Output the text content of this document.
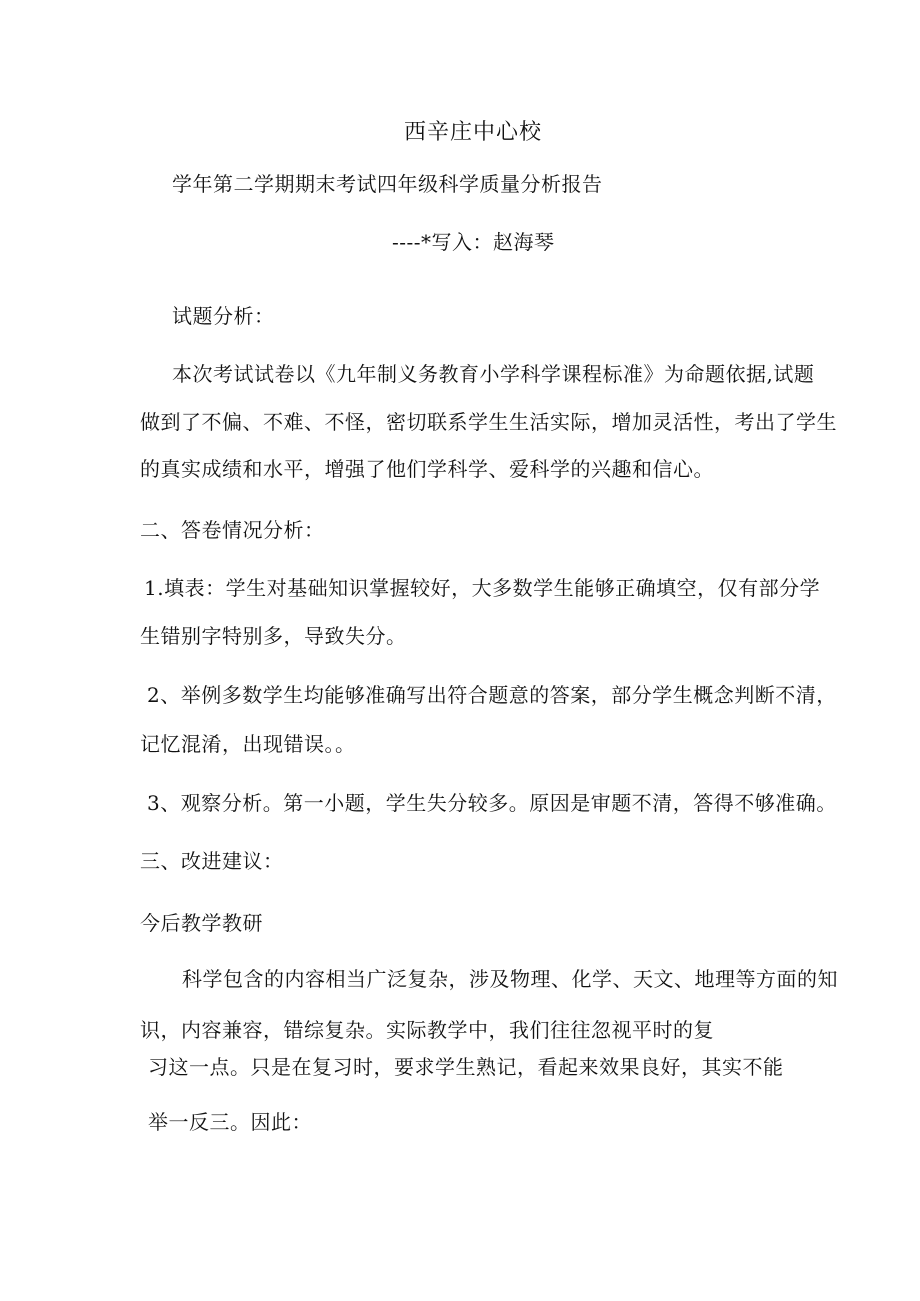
西辛庄中心校
学年第二学期期末考试四年级科学质量分析报告
----*写入：赵海琴
试题分析：
本次考试试卷以《九年制义务教育小学科学课程标准》为命题依据,试题
做到了不偏、不难、不怪，密切联系学生生活实际，增加灵活性，考出了学生
的真实成绩和水平，增强了他们学科学、爱科学的兴趣和信心。
二、答卷情况分析：
1.填表：学生对基础知识掌握较好，大多数学生能够正确填空，仅有部分学
生错别字特别多，导致失分。
2、举例多数学生均能够准确写出符合题意的答案，部分学生概念判断不清，
记忆混淆，出现错误。。
3、观察分析。第一小题，学生失分较多。原因是审题不清，答得不够准确。
三、改进建议：
今后教学教研
科学包含的内容相当广泛复杂，涉及物理、化学、天文、地理等方面的知
识，内容兼容，错综复杂。实际教学中，我们往往忽视平时的复
习这一点。只是在复习时，要求学生熟记，看起来效果良好，其实不能
举一反三。因此：
